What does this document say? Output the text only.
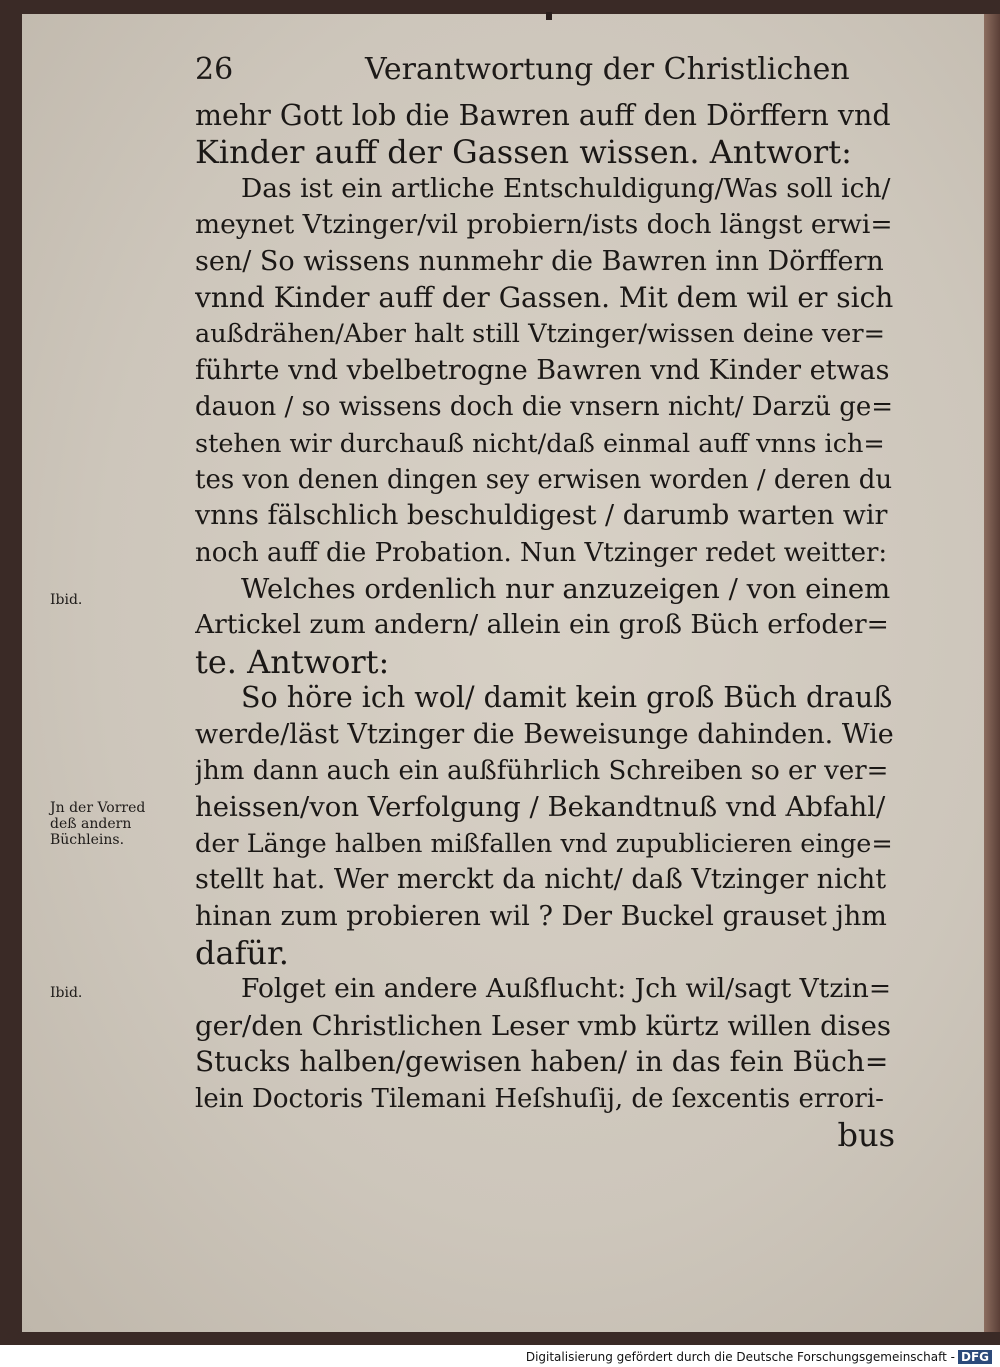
26	Verantwortung der Christlichen
mehr Gott lob die Bawren auff den Dörffern vnd
Kinder auff der Gassen wissen. Antwort:
Das ist ein artliche Entschuldigung/Was soll ich/
meynet Vtzinger/vil probiern/ists doch längst erwi=
sen/ So wissens nunmehr die Bawren inn Dörffern
vnnd Kinder auff der Gassen. Mit dem wil er sich
außdrähen/Aber halt still Vtzinger/wissen deine ver=
führte vnd vbelbetrogne Bawren vnd Kinder etwas
dauon / so wissens doch die vnsern nicht/ Darzü ge=
stehen wir durchauß nicht/daß einmal auff vnns ich=
tes von denen dingen sey erwisen worden / deren du
vnns fälschlich beschuldigest / darumb warten wir
noch auff die Probation. Nun Vtzinger redet weitter:
Welches ordenlich nur anzuzeigen / von einem
Artickel zum andern/ allein ein groß Büch erfoder=
te. Antwort:
So höre ich wol/ damit kein groß Büch drauß
werde/läst Vtzinger die Beweisunge dahinden. Wie
jhm dann auch ein außführlich Schreiben so er ver=
heissen/von Verfolgung / Bekandtnuß vnd Abfahl/
der Länge halben mißfallen vnd zupublicieren einge=
stellt hat. Wer merckt da nicht/ daß Vtzinger nicht
hinan zum probieren wil ? Der Buckel grauset jhm
dafür.
Folget ein andere Außflucht: Jch wil/sagt Vtzin=
ger/den Christlichen Leser vmb kürtz willen dises
Stucks halben/gewisen haben/ in das fein Büch=
lein Doctoris Tilemani Heſshuſij, de ſexcentis errori-
bus
Ibid.
Jn der Vorred
deß andern
Büchleins.
Ibid.
Digitalisierung gefördert durch die Deutsche Forschungsgemeinschaft - DFG
